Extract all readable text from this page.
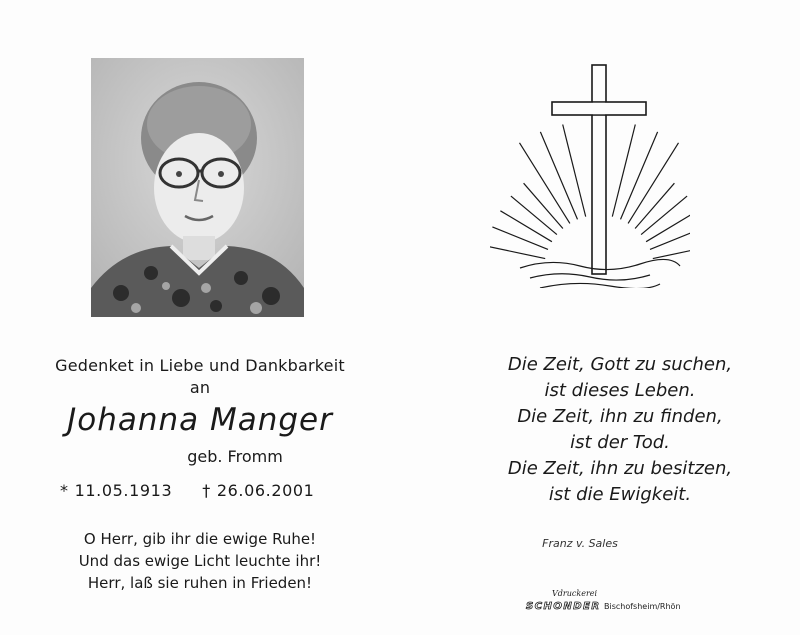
Gedenket in Liebe und Dankbarkeit
an
Johanna Manger
geb. Fromm
* 11.05.1913 † 26.06.2001
O Herr, gib ihr die ewige Ruhe!
Und das ewige Licht leuchte ihr!
Herr, laß sie ruhen in Frieden!
Die Zeit, Gott zu suchen,
ist dieses Leben.
Die Zeit, ihn zu finden,
ist der Tod.
Die Zeit, ihn zu besitzen,
ist die Ewigkeit.
Franz v. Sales
Vdruckerei
SCHONDER Bischofsheim/Rhön
